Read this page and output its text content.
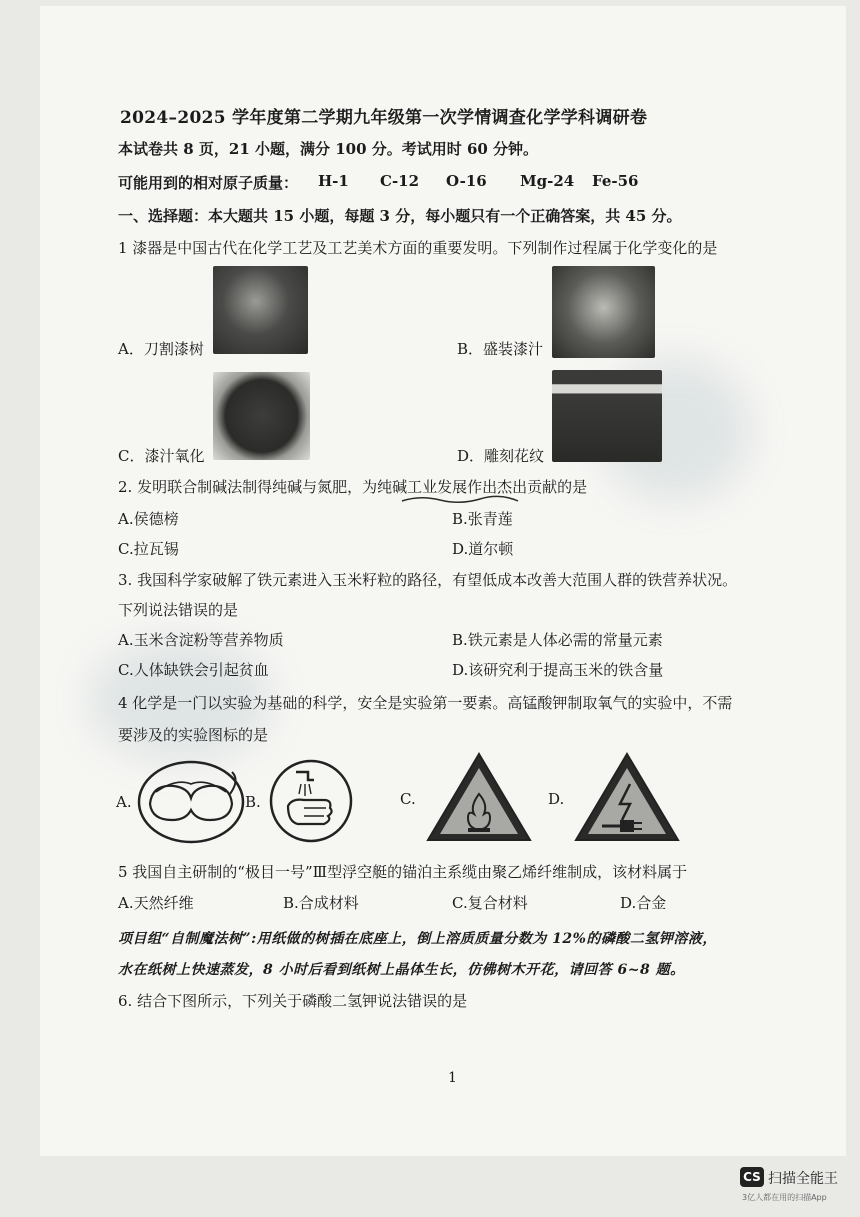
2024–2025 学年度第二学期九年级第一次学情调查化学学科调研卷
本试卷共 8 页，21 小题，满分 100 分。考试用时 60 分钟。
可能用到的相对原子质量： H-1 C-12 O-16 Mg-24 Fe-56
一、选择题：本大题共 15 小题，每题 3 分，每小题只有一个正确答案，共 45 分。
1 漆器是中国古代在化学工艺及工艺美术方面的重要发明。下列制作过程属于化学变化的是
A．刀割漆树	B．盛装漆汁
C．漆汁氧化	D．雕刻花纹
2. 发明联合制碱法制得纯碱与氮肥，为纯碱工业发展作出杰出贡献的是
A.侯德榜	B.张青莲
C.拉瓦锡	D.道尔顿
3. 我国科学家破解了铁元素进入玉米籽粒的路径，有望低成本改善大范围人群的铁营养状况。
下列说法错误的是
A.玉米含淀粉等营养物质	B.铁元素是人体必需的常量元素
C.人体缺铁会引起贫血	D.该研究利于提高玉米的铁含量
4 化学是一门以实验为基础的科学，安全是实验第一要素。高锰酸钾制取氧气的实验中，不需
要涉及的实验图标的是
A.	B.	C.	D.
5 我国自主研制的“极目一号”Ⅲ型浮空艇的锚泊主系缆由聚乙烯纤维制成，该材料属于
A.天然纤维	B.合成材料	C.复合材料	D.合金
项目组“自制魔法树”:用纸做的树插在底座上，倒上溶质质量分数为 12%的磷酸二氢钾溶液，
水在纸树上快速蒸发，8 小时后看到纸树上晶体生长，仿佛树木开花，请回答 6~8 题。
6. 结合下图所示，下列关于磷酸二氢钾说法错误的是
1
CS 扫描全能王
3亿人都在用的扫描App
